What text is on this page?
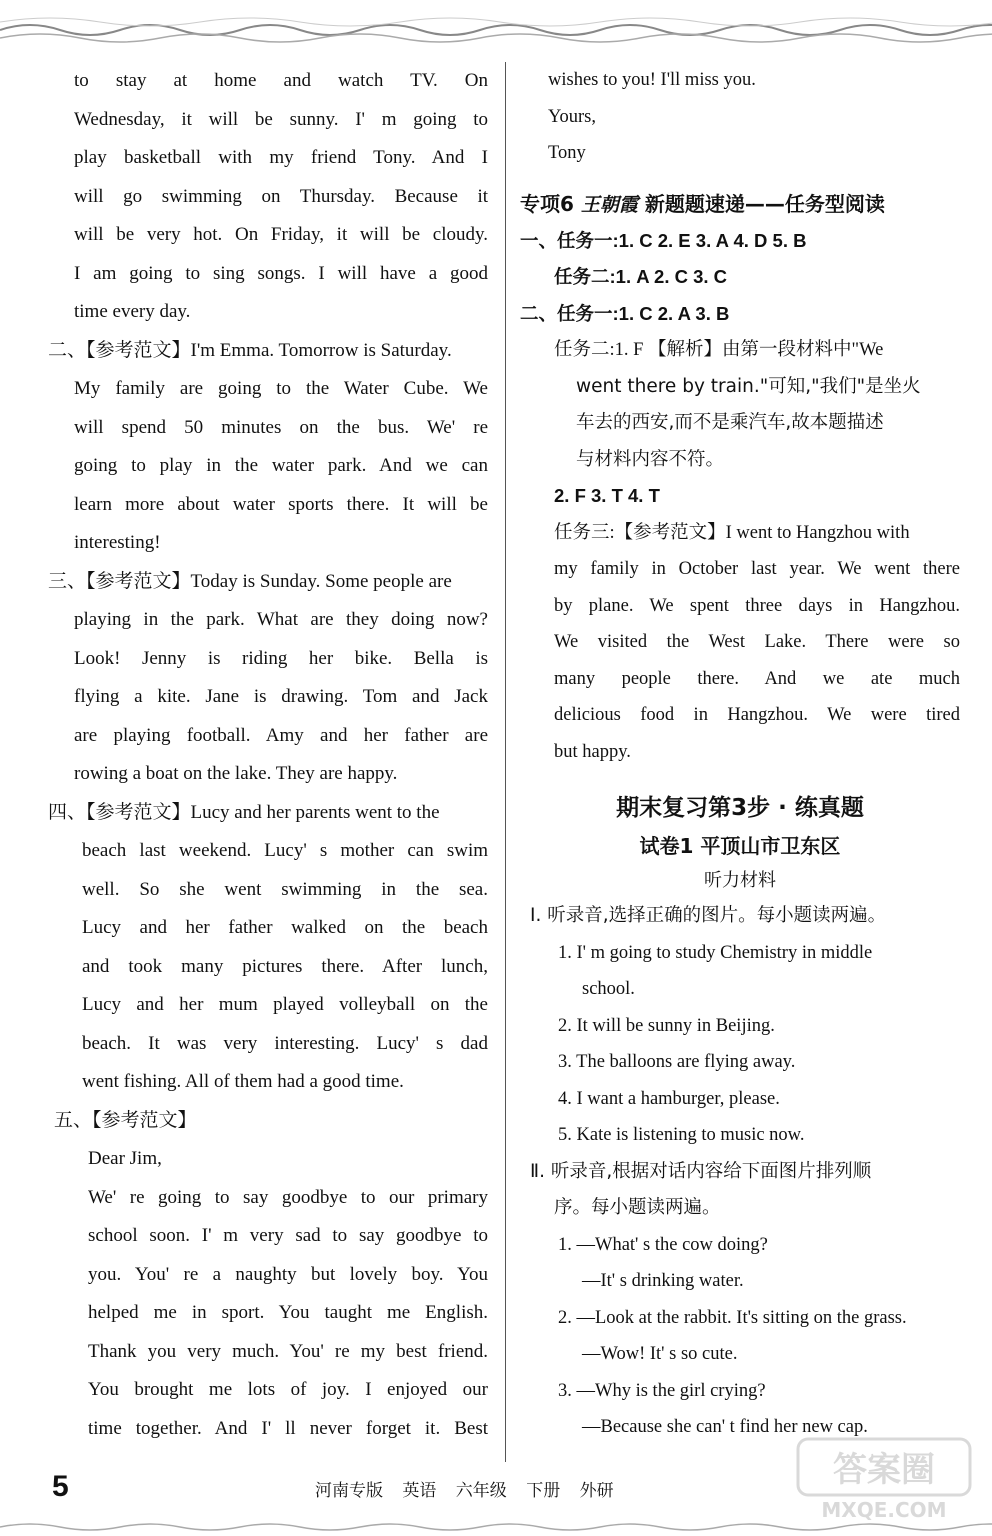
to stay at home and watch TV. On
Wednesday, it will be sunny. I' m going to
play basketball with my friend Tony. And I
will go swimming on Thursday. Because it
will be very hot. On Friday, it will be cloudy.
I am going to sing songs. I will have a good
time every day.
二、【参考范文】I'm Emma. Tomorrow is Saturday.
My family are going to the Water Cube. We
will spend 50 minutes on the bus. We' re
going to play in the water park. And we can
learn more about water sports there. It will be
interesting!
三、【参考范文】Today is Sunday. Some people are
playing in the park. What are they doing now?
Look! Jenny is riding her bike. Bella is
flying a kite. Jane is drawing. Tom and Jack
are playing football. Amy and her father are
rowing a boat on the lake. They are happy.
四、【参考范文】Lucy and her parents went to the
beach last weekend. Lucy' s mother can swim
well. So she went swimming in the sea.
Lucy and her father walked on the beach
and took many pictures there. After lunch,
Lucy and her mum played volleyball on the
beach. It was very interesting. Lucy' s dad
went fishing. All of them had a good time.
五、【参考范文】
Dear Jim,
We' re going to say goodbye to our primary
school soon. I' m very sad to say goodbye to
you. You' re a naughty but lovely boy. You
helped me in sport. You taught me English.
Thank you very much. You' re my best friend.
You brought me lots of joy. I enjoyed our
time together. And I' ll never forget it. Best
wishes to you! I'll miss you.
Yours,
Tony
专项6 王朝霞 新题题速递——任务型阅读
一、任务一:1. C 2. E 3. A 4. D 5. B
任务二:1. A 2. C 3. C
二、任务一:1. C 2. A 3. B
任务二:1. F 【解析】由第一段材料中"We
went there by train."可知,"我们"是坐火
车去的西安,而不是乘汽车,故本题描述
与材料内容不符。
2. F 3. T 4. T
任务三:【参考范文】I went to Hangzhou with
my family in October last year. We went there
by plane. We spent three days in Hangzhou.
We visited the West Lake. There were so
many people there. And we ate much
delicious food in Hangzhou. We were tired
but happy.
期末复习第3步 · 练真题
试卷1 平顶山市卫东区
听力材料
Ⅰ. 听录音,选择正确的图片。每小题读两遍。
1. I' m going to study Chemistry in middle
school.
2. It will be sunny in Beijing.
3. The balloons are flying away.
4. I want a hamburger, please.
5. Kate is listening to music now.
Ⅱ. 听录音,根据对话内容给下面图片排列顺
序。每小题读两遍。
1. —What' s the cow doing?
—It' s drinking water.
2. —Look at the rabbit. It's sitting on the grass.
—Wow! It' s so cute.
3. —Why is the girl crying?
—Because she can' t find her new cap.
5	河南专版 英语 六年级 下册 外研
答案圈
MXQE.COM
